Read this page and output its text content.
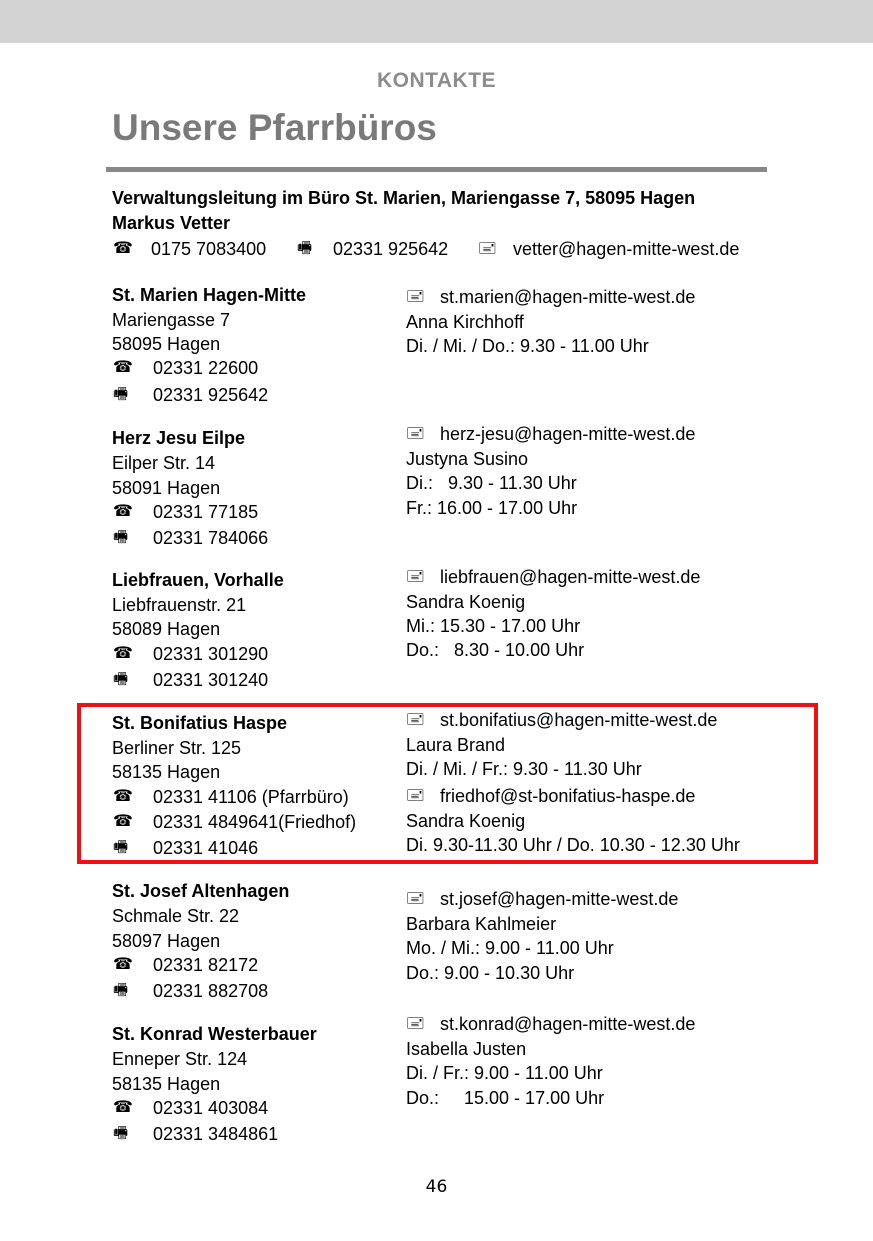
KONTAKTE
Unsere Pfarrbüros
Verwaltungsleitung im Büro St. Marien, Mariengasse 7, 58095 Hagen
Markus Vetter
☎ 0175 7083400 🖷 02331 925642 🖃 vetter@hagen-mitte-west.de
St. Marien Hagen-Mitte
Mariengasse 7
58095 Hagen
☎ 02331 22600
🖷 02331 925642
🖃 st.marien@hagen-mitte-west.de
Anna Kirchhoff
Di. / Mi. / Do.: 9.30 - 11.00 Uhr
Herz Jesu Eilpe
Eilper Str. 14
58091 Hagen
☎ 02331 77185
🖷 02331 784066
🖃 herz-jesu@hagen-mitte-west.de
Justyna Susino
Di.:   9.30 - 11.30 Uhr
Fr.: 16.00 - 17.00 Uhr
Liebfrauen, Vorhalle
Liebfrauenstr. 21
58089 Hagen
☎ 02331 301290
🖷 02331 301240
🖃 liebfrauen@hagen-mitte-west.de
Sandra Koenig
Mi.: 15.30 - 17.00 Uhr
Do.:   8.30 - 10.00 Uhr
St. Bonifatius Haspe
Berliner Str. 125
58135 Hagen
☎ 02331 41106 (Pfarrbüro)
☎ 02331 4849641(Friedhof)
🖷 02331 41046
🖃 st.bonifatius@hagen-mitte-west.de
Laura Brand
Di. / Mi. / Fr.: 9.30 - 11.30 Uhr
🖃 friedhof@st-bonifatius-haspe.de
Sandra Koenig
Di. 9.30-11.30 Uhr / Do. 10.30 - 12.30 Uhr
St. Josef Altenhagen
Schmale Str. 22
58097 Hagen
☎ 02331 82172
🖷 02331 882708
🖃 st.josef@hagen-mitte-west.de
Barbara Kahlmeier
Mo. / Mi.: 9.00 - 11.00 Uhr
Do.: 9.00 - 10.30 Uhr
St. Konrad Westerbauer
Enneper Str. 124
58135 Hagen
☎ 02331 403084
🖷 02331 3484861
🖃 st.konrad@hagen-mitte-west.de
Isabella Justen
Di. / Fr.: 9.00 - 11.00 Uhr
Do.:     15.00 - 17.00 Uhr
46
